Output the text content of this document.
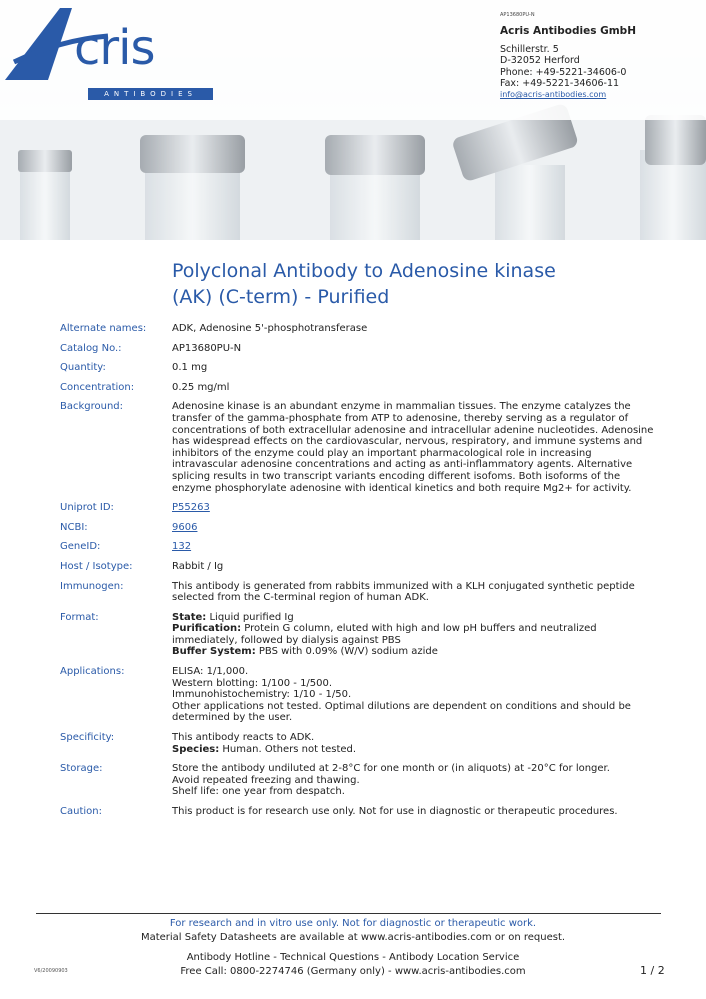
cris
ANTIBODIES
AP13680PU-N
Acris Antibodies GmbH
Schillerstr. 5
D-32052 Herford
Phone: +49-5221-34606-0
Fax: +49-5221-34606-11
info@acris-antibodies.com
Polyclonal Antibody to Adenosine kinase
(AK) (C-term) - Purified
Alternate names:	ADK, Adenosine 5'-phosphotransferase
Catalog No.:	AP13680PU-N
Quantity:	0.1 mg
Concentration:	0.25 mg/ml
Background:	Adenosine kinase is an abundant enzyme in mammalian tissues. The enzyme catalyzes the transfer of the gamma-phosphate from ATP to adenosine, thereby serving as a regulator of concentrations of both extracellular adenosine and intracellular adenine nucleotides. Adenosine has widespread effects on the cardiovascular, nervous, respiratory, and immune systems and inhibitors of the enzyme could play an important pharmacological role in increasing intravascular adenosine concentrations and acting as anti-inflammatory agents. Alternative splicing results in two transcript variants encoding different isofoms. Both isoforms of the enzyme phosphorylate adenosine with identical kinetics and both require Mg2+ for activity.
Uniprot ID:	P55263
NCBI:	9606
GeneID:	132
Host / Isotype:	Rabbit / Ig
Immunogen:	This antibody is generated from rabbits immunized with a KLH conjugated synthetic peptide selected from the C-terminal region of human ADK.
Format:	State: Liquid purified Ig
Purification: Protein G column, eluted with high and low pH buffers and neutralized immediately, followed by dialysis against PBS
Buffer System: PBS with 0.09% (W/V) sodium azide
Applications:	ELISA: 1/1,000.
Western blotting: 1/100 - 1/500.
Immunohistochemistry: 1/10 - 1/50.
Other applications not tested. Optimal dilutions are dependent on conditions and should be determined by the user.
Specificity:	This antibody reacts to ADK.
Species: Human. Others not tested.
Storage:	Store the antibody undiluted at 2-8°C for one month or (in aliquots) at -20°C for longer.
Avoid repeated freezing and thawing.
Shelf life: one year from despatch.
Caution:	This product is for research use only. Not for use in diagnostic or therapeutic procedures.
For research and in vitro use only. Not for diagnostic or therapeutic work.
Material Safety Datasheets are available at www.acris-antibodies.com or on request.
Antibody Hotline - Technical Questions - Antibody Location Service
Free Call: 0800-2274746 (Germany only) - www.acris-antibodies.com
V6/20090903	1 / 2
